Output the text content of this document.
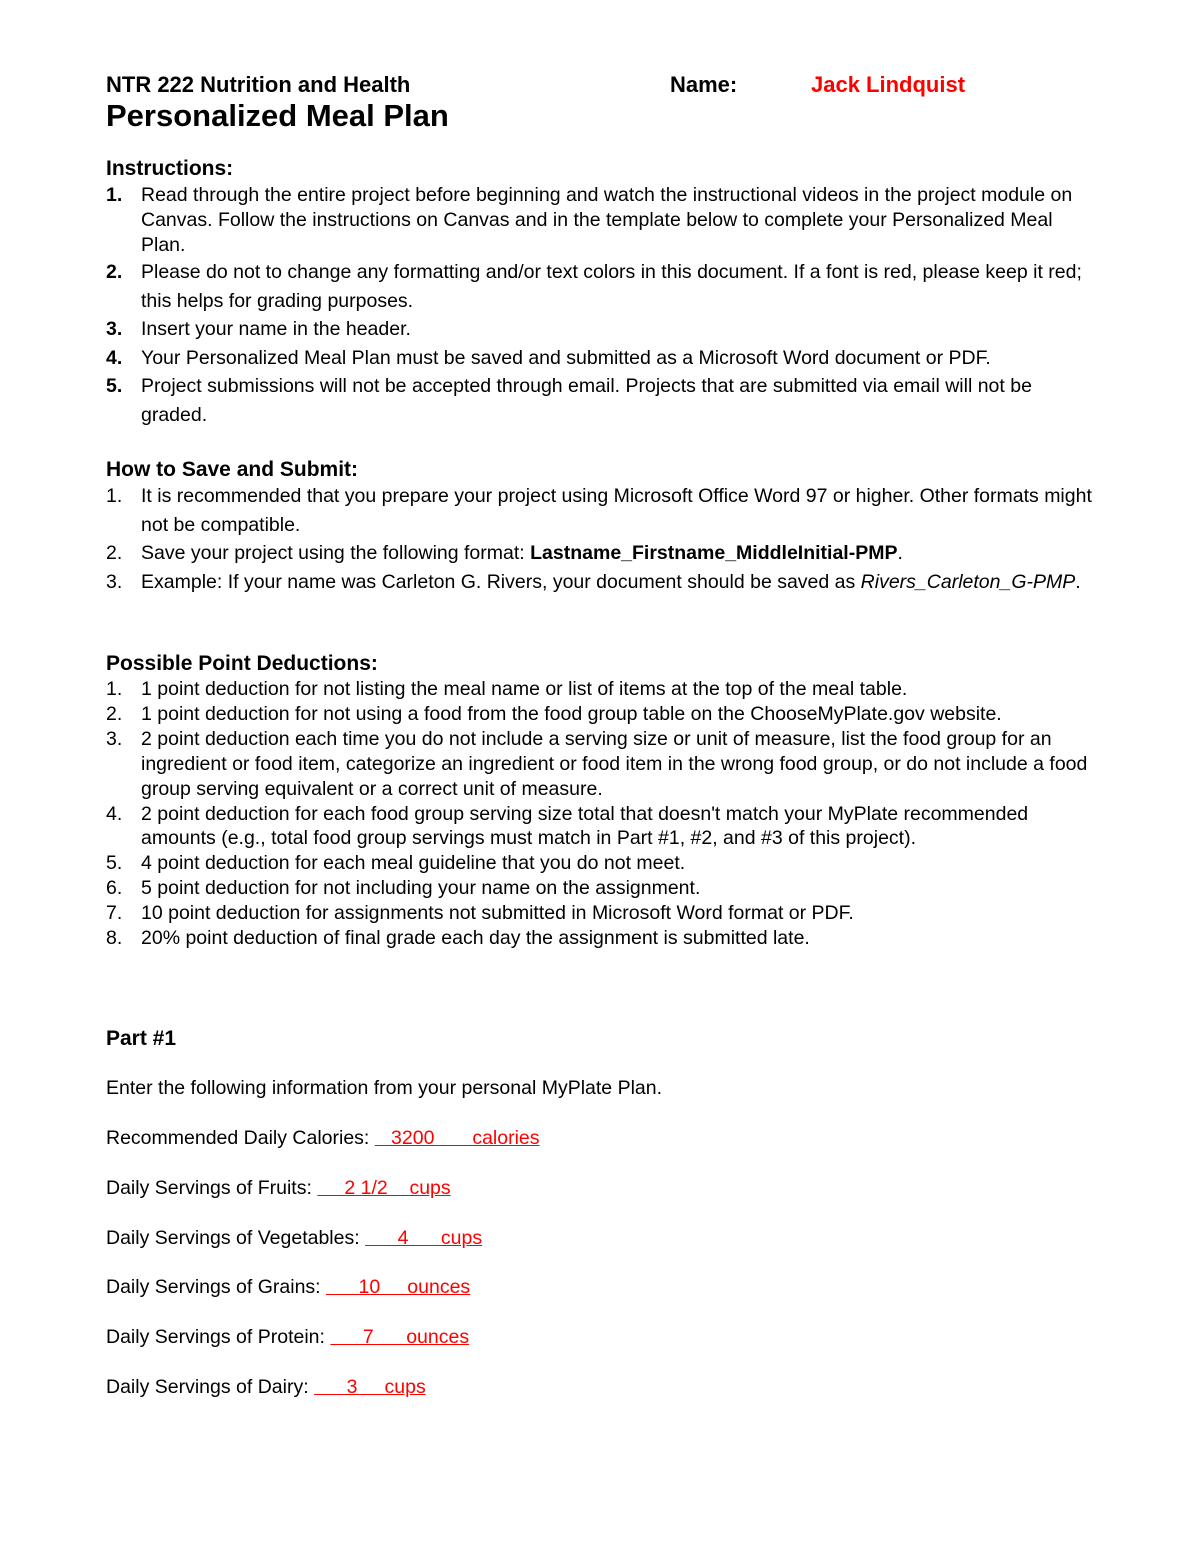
NTR 222 Nutrition and Health	Name:	Jack Lindquist
Personalized Meal Plan
Instructions:
1. Read through the entire project before beginning and watch the instructional videos in the project module on Canvas. Follow the instructions on Canvas and in the template below to complete your Personalized Meal Plan.
2. Please do not to change any formatting and/or text colors in this document. If a font is red, please keep it red; this helps for grading purposes.
3. Insert your name in the header.
4. Your Personalized Meal Plan must be saved and submitted as a Microsoft Word document or PDF.
5. Project submissions will not be accepted through email. Projects that are submitted via email will not be graded.
How to Save and Submit:
1. It is recommended that you prepare your project using Microsoft Office Word 97 or higher. Other formats might not be compatible.
2. Save your project using the following format: Lastname_Firstname_MiddleInitial-PMP.
3. Example: If your name was Carleton G. Rivers, your document should be saved as Rivers_Carleton_G-PMP.
Possible Point Deductions:
1. 1 point deduction for not listing the meal name or list of items at the top of the meal table.
2. 1 point deduction for not using a food from the food group table on the ChooseMyPlate.gov website.
3. 2 point deduction each time you do not include a serving size or unit of measure, list the food group for an ingredient or food item, categorize an ingredient or food item in the wrong food group, or do not include a food group serving equivalent or a correct unit of measure.
4. 2 point deduction for each food group serving size total that doesn't match your MyPlate recommended amounts (e.g., total food group servings must match in Part #1, #2, and #3 of this project).
5. 4 point deduction for each meal guideline that you do not meet.
6. 5 point deduction for not including your name on the assignment.
7. 10 point deduction for assignments not submitted in Microsoft Word format or PDF.
8. 20% point deduction of final grade each day the assignment is submitted late.
Part #1
Enter the following information from your personal MyPlate Plan.
Recommended Daily Calories:    3200       calories
Daily Servings of Fruits:      2 1/2    cups
Daily Servings of Vegetables:       4      cups
Daily Servings of Grains:       10     ounces
Daily Servings of Protein:       7      ounces
Daily Servings of Dairy:       3     cups
